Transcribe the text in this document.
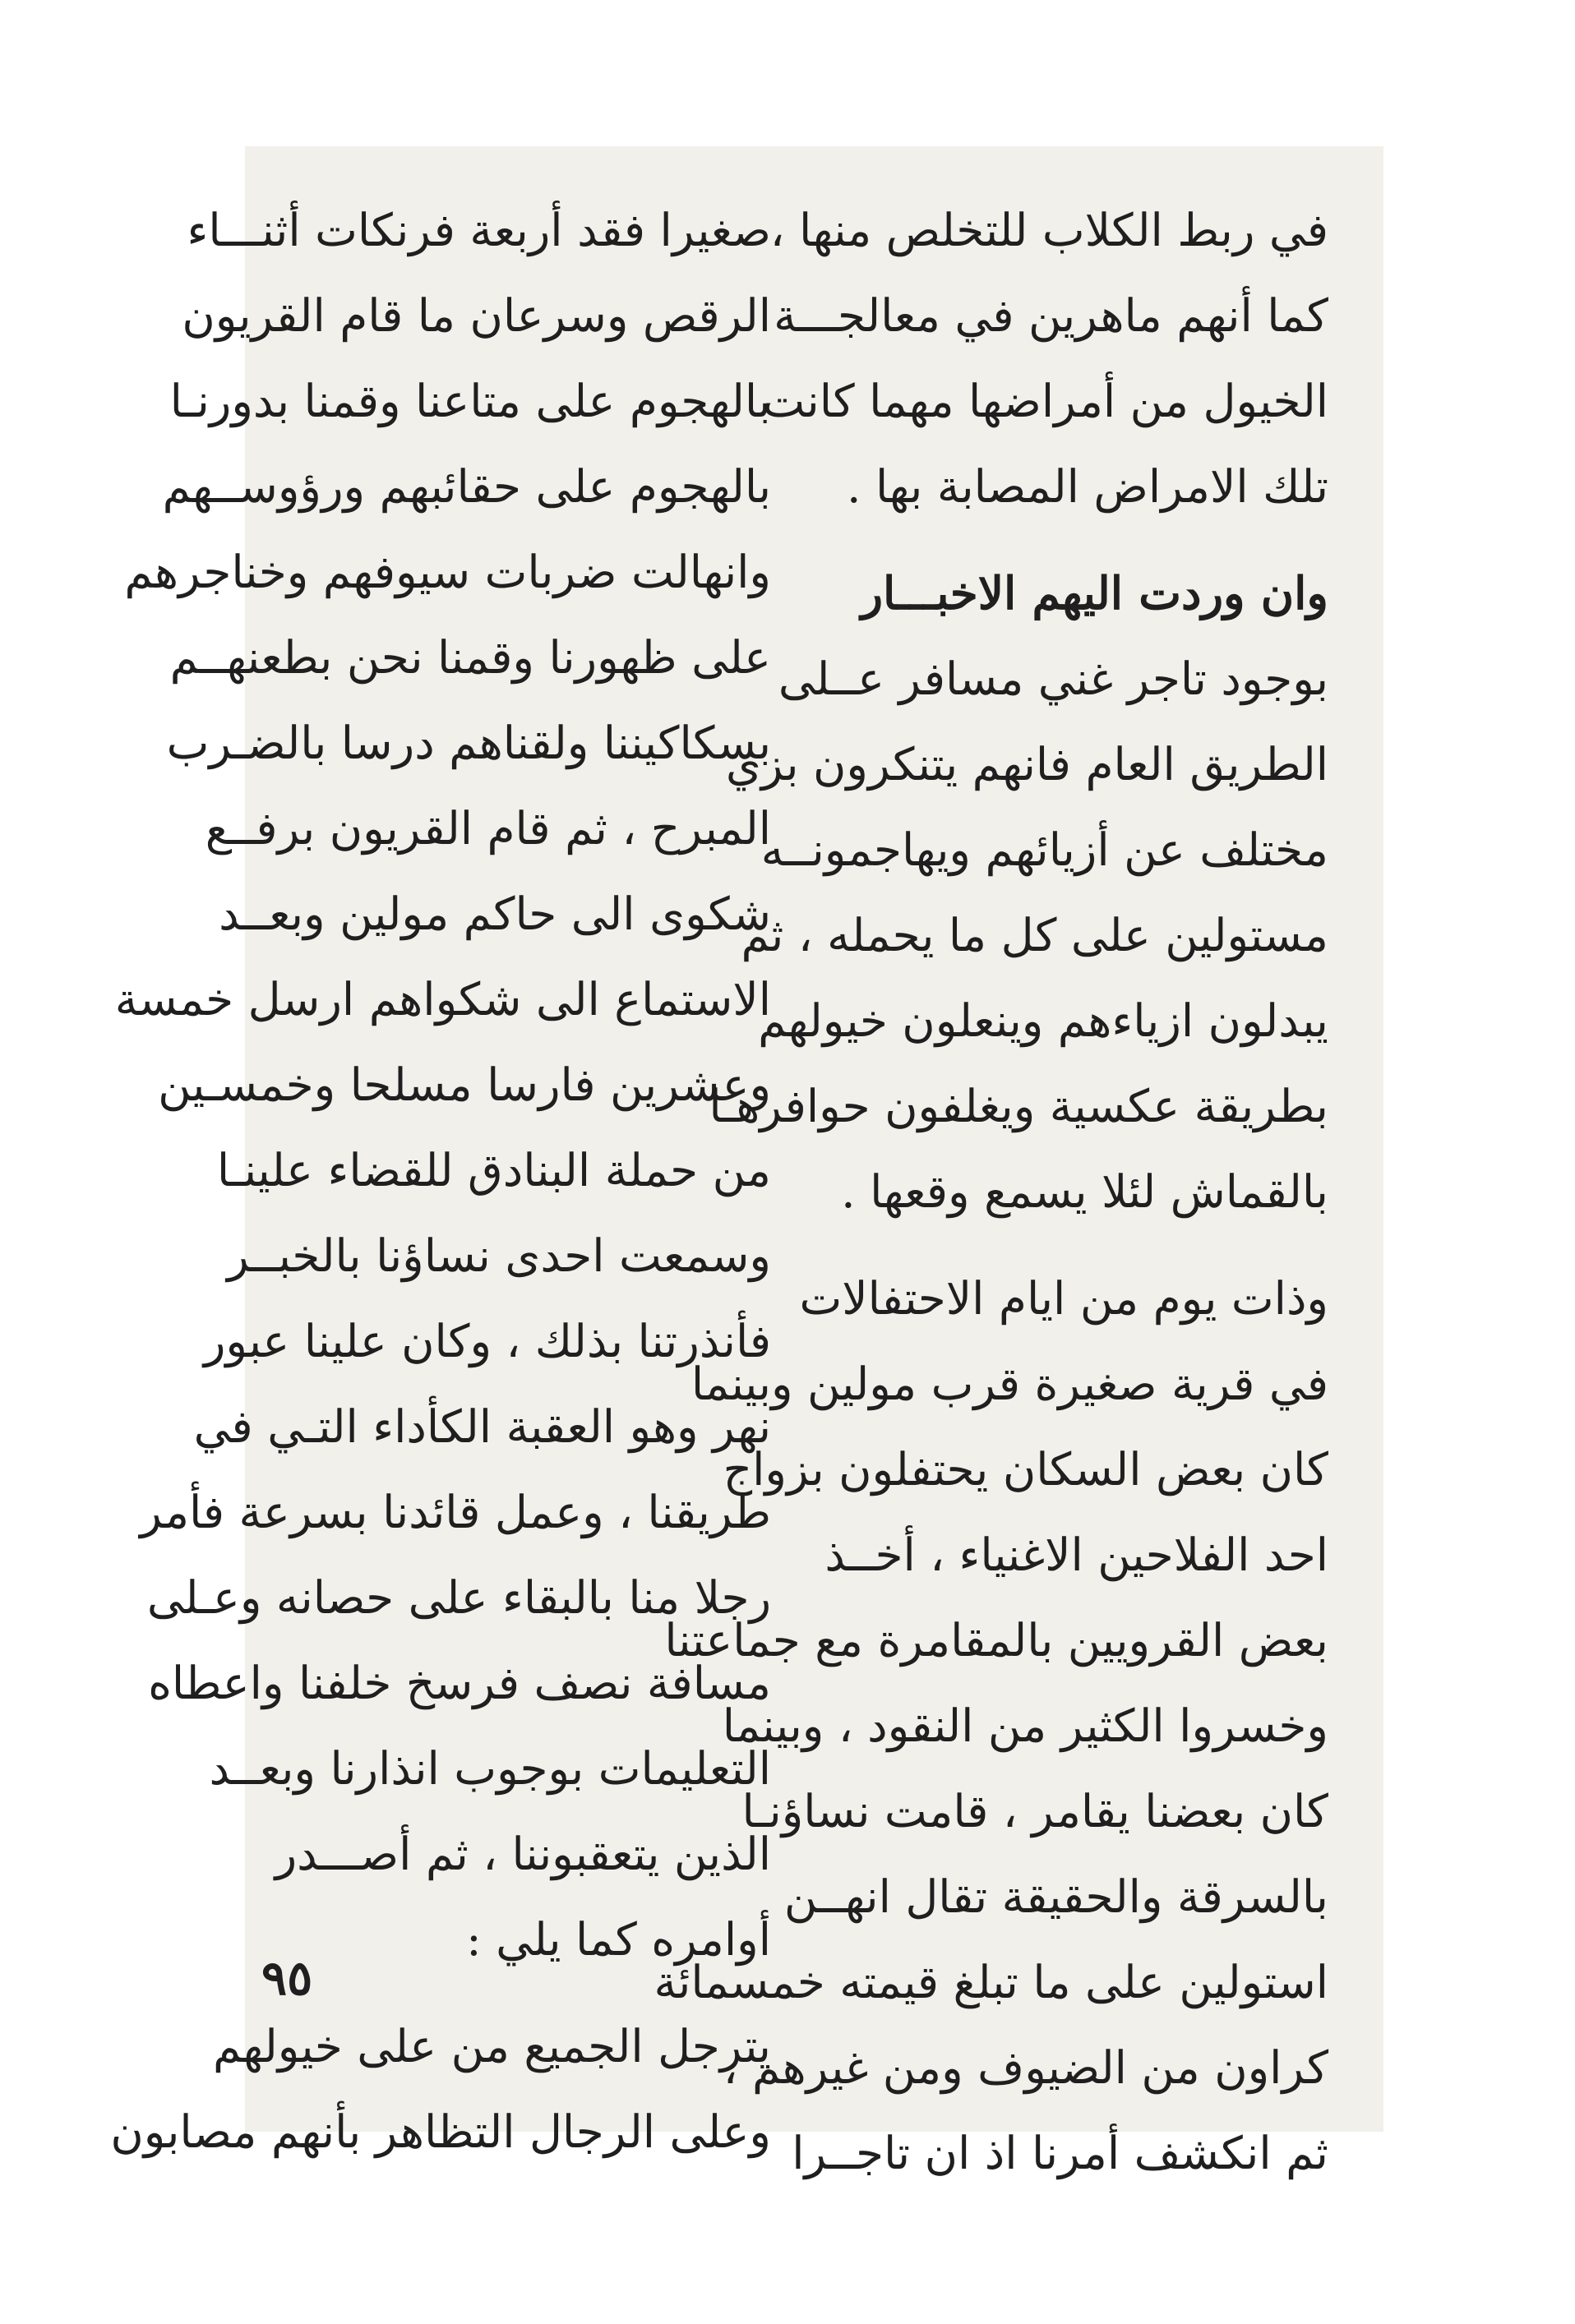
في ربط الكلاب للتخلص منها ،
كما أنهم ماهرين في معالجـــة
الخيول من أمراضها مهما كانت
تلك الامراض المصابة بها .
وان وردت اليهم الاخبـــار
بوجود تاجر غني مسافر عــلى
الطريق العام فانهم يتنكرون بزي
مختلف عن أزيائهم ويهاجمونــه
مستولين على كل ما يحمله ، ثم
يبدلون ازياءهم وينعلون خيولهم
بطريقة عكسية ويغلفون حوافرهـا
بالقماش لئلا يسمع وقعها .
وذات يوم من ايام الاحتفالات
في قرية صغيرة قرب مولين وبينما
كان بعض السكان يحتفلون بزواج
احد الفلاحين الاغنياء ، أخــذ
بعض القرويين بالمقامرة مع جماعتنا
وخسروا الكثير من النقود ، وبينما
كان بعضنا يقامر ، قامت نساؤنـا
بالسرقة والحقيقة تقال انهــن
استولين على ما تبلغ قيمته خمسمائة
كراون من الضيوف ومن غيرهم ،
ثم انكشف أمرنا اذ ان تاجــرا
صغيرا فقد أربعة فرنكات أثنـــاء
الرقص وسرعان ما قام القريون
بالهجوم على متاعنا وقمنا بدورنـا
بالهجوم على حقائبهم ورؤوســهم
وانهالت ضربات سيوفهم وخناجرهم
على ظهورنا وقمنا نحن بطعنهــم
بسكاكيننا ولقناهم درسا بالضـرب
المبرح ، ثم قام القريون برفــع
شكوى الى حاكم مولين وبعــد
الاستماع الى شكواهم ارسل خمسة
وعشرين فارسا مسلحا وخمسـين
من حملة البنادق للقضاء علينـا
وسمعت احدى نساؤنا بالخبــر
فأنذرتنا بذلك ، وكان علينا عبور
نهر وهو العقبة الكأداء التـي في
طريقنا ، وعمل قائدنا بسرعة فأمر
رجلا منا بالبقاء على حصانه وعـلى
مسافة نصف فرسخ خلفنا واعطاه
التعليمات بوجوب انذارنا وبعــد
الذين يتعقبوننا ، ثم أصـــدر
أوامره كما يلي :
يترجل الجميع من على خيولهم
وعلى الرجال التظاهر بأنهم مصابون
٩٥
